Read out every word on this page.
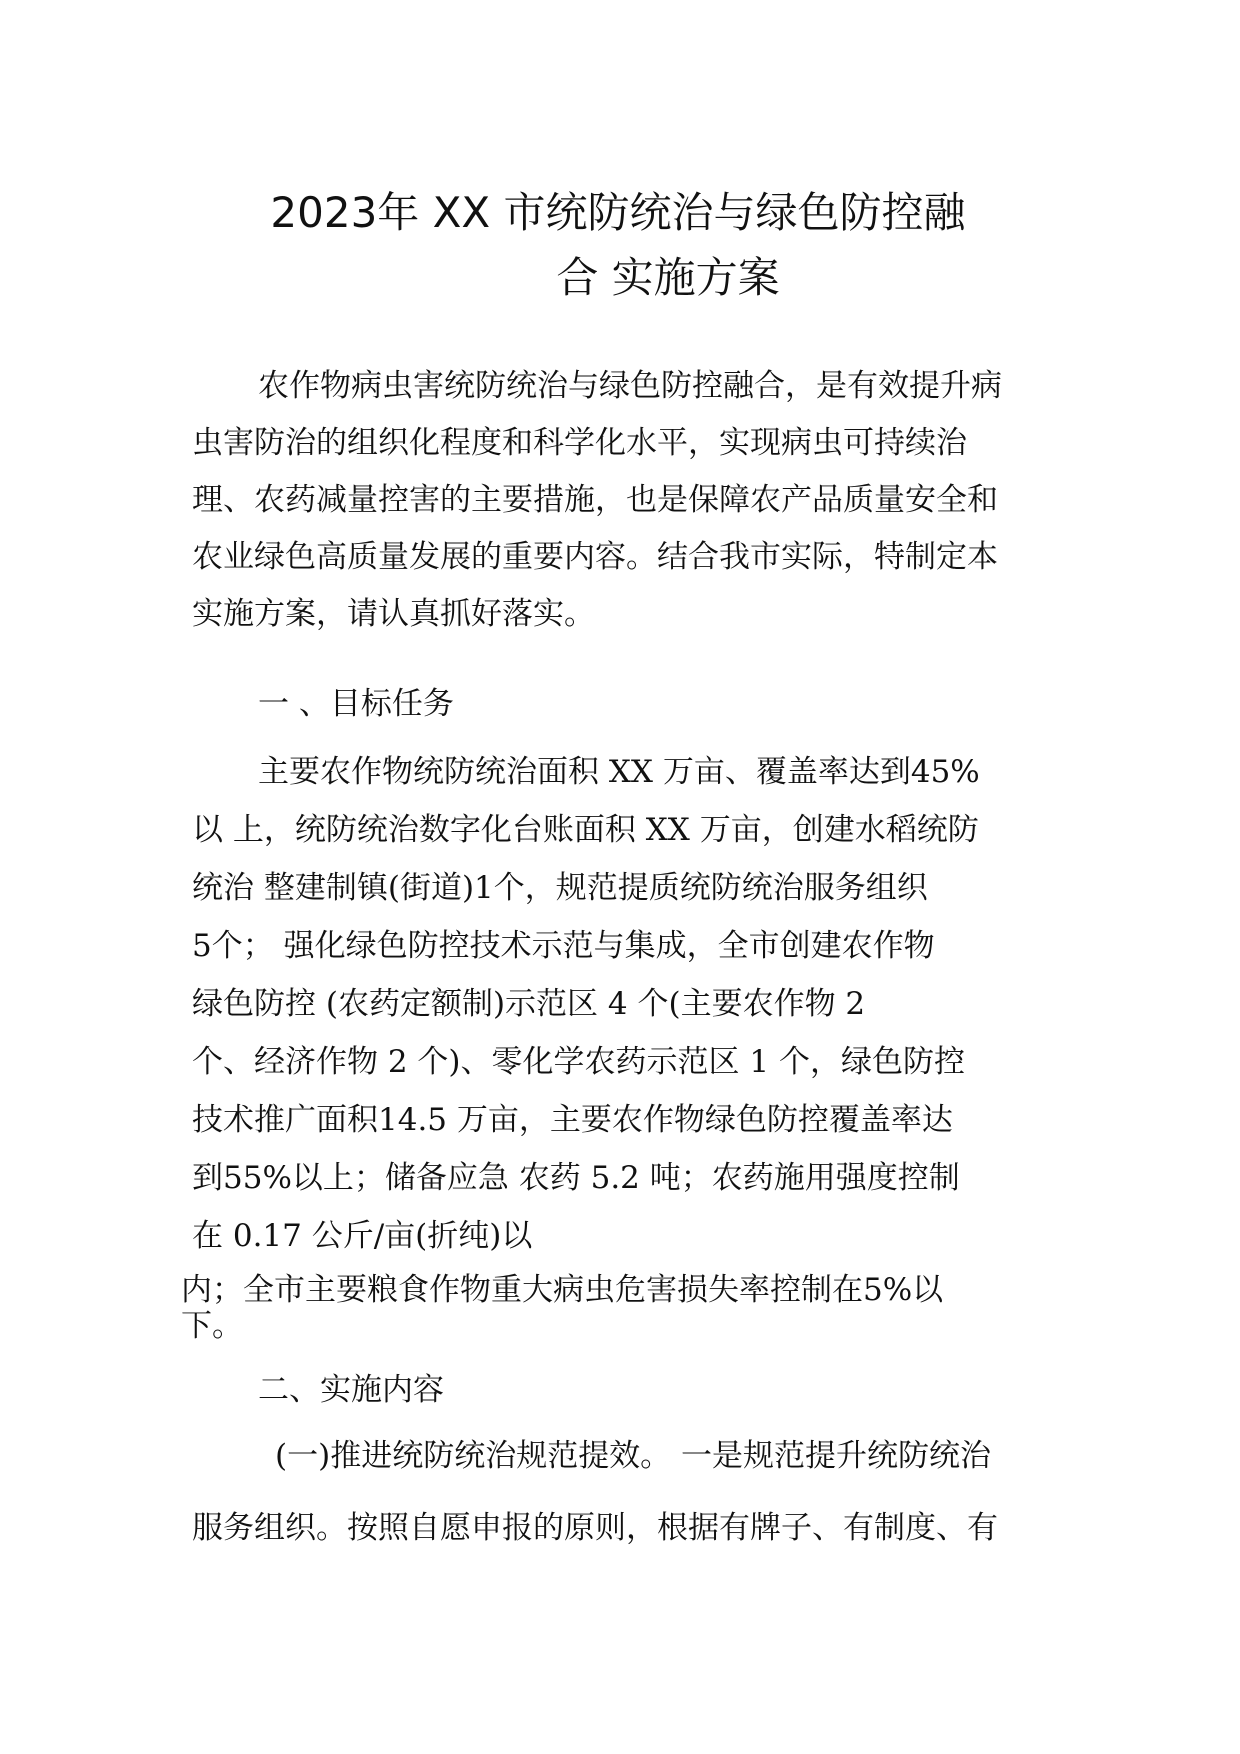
2023年 XX 市统防统治与绿色防控融
合 实施方案

农作物病虫害统防统治与绿色防控融合，是有效提升病

虫害防治的组织化程度和科学化水平，实现病虫可持续治

理、农药减量控害的主要措施，也是保障农产品质量安全和

农业绿色高质量发展的重要内容。结合我市实际，特制定本

实施方案，请认真抓好落实。

一 、目标任务

主要农作物统防统治面积 XX 万亩、覆盖率达到45%

以 上，统防统治数字化台账面积 XX 万亩，创建水稻统防

统治 整建制镇(街道)1个，规范提质统防统治服务组织

5个； 强化绿色防控技术示范与集成，全市创建农作物

绿色防控 (农药定额制)示范区 4 个(主要农作物 2

个、经济作物 2 个)、零化学农药示范区 1 个，绿色防控

技术推广面积14.5 万亩，主要农作物绿色防控覆盖率达

到55%以上；储备应急 农药 5.2 吨；农药施用强度控制

在 0.17 公斤/亩(折纯)以

内；全市主要粮食作物重大病虫危害损失率控制在5%以

下。

二、实施内容

(一)推进统防统治规范提效。 一是规范提升统防统治

服务组织。按照自愿申报的原则，根据有牌子、有制度、有
